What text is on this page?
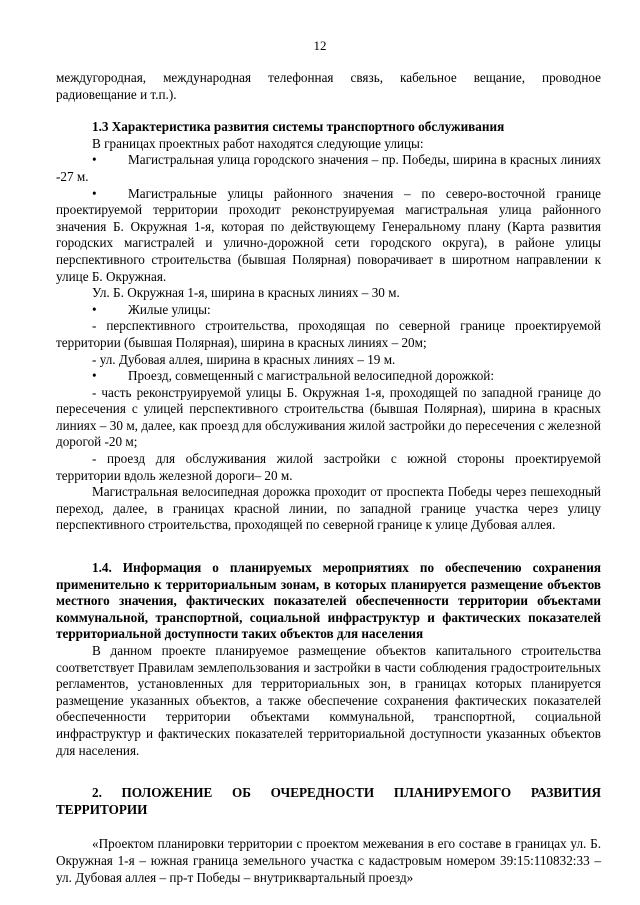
12

междугородная, международная телефонная связь, кабельное вещание, проводное радиовещание и т.п.).

1.3 Характеристика развития системы транспортного обслуживания

В границах проектных работ находятся следующие улицы:

• Магистральная улица городского значения – пр. Победы, ширина в красных линиях -27 м.

• Магистральные улицы районного значения – по северо-восточной границе проектируемой территории проходит реконструируемая магистральная улица районного значения Б. Окружная 1-я, которая по действующему Генеральному плану (Карта развития городских магистралей и улично-дорожной сети городского округа), в районе улицы перспективного строительства (бывшая Полярная) поворачивает в широтном направлении к улице Б. Окружная.

Ул. Б. Окружная 1-я, ширина в красных линиях – 30 м.

• Жилые улицы:

- перспективного строительства, проходящая по северной границе проектируемой территории (бывшая Полярная), ширина в красных линиях – 20м;

- ул. Дубовая аллея, ширина в красных линиях – 19 м.

• Проезд, совмещенный с магистральной велосипедной дорожкой:

- часть реконструируемой улицы Б. Окружная 1-я, проходящей по западной границе до пересечения с улицей перспективного строительства (бывшая Полярная), ширина в красных линиях – 30 м, далее, как проезд для обслуживания жилой застройки до пересечения с железной дорогой -20 м;

- проезд для обслуживания жилой застройки с южной стороны проектируемой территории вдоль железной дороги– 20 м.

Магистральная велосипедная дорожка проходит от проспекта Победы через пешеходный переход, далее, в границах красной линии, по западной границе участка через улицу перспективного строительства, проходящей по северной границе к улице Дубовая аллея.

1.4. Информация о планируемых мероприятиях по обеспечению сохранения применительно к территориальным зонам, в которых планируется размещение объектов местного значения, фактических показателей обеспеченности территории объектами коммунальной, транспортной, социальной инфраструктур и фактических показателей территориальной доступности таких объектов для населения

В данном проекте планируемое размещение объектов капитального строительства соответствует Правилам землепользования и застройки в части соблюдения градостроительных регламентов, установленных для территориальных зон, в границах которых планируется размещение указанных объектов, а также обеспечение сохранения фактических показателей обеспеченности территории объектами коммунальной, транспортной, социальной инфраструктур и фактических показателей территориальной доступности указанных объектов для населения.

2. ПОЛОЖЕНИЕ ОБ ОЧЕРЕДНОСТИ ПЛАНИРУЕМОГО РАЗВИТИЯ ТЕРРИТОРИИ

«Проектом планировки территории с проектом межевания в его составе в границах ул. Б. Окружная 1-я – южная граница земельного участка с кадастровым номером 39:15:110832:33 – ул. Дубовая аллея – пр-т Победы – внутриквартальный проезд»
